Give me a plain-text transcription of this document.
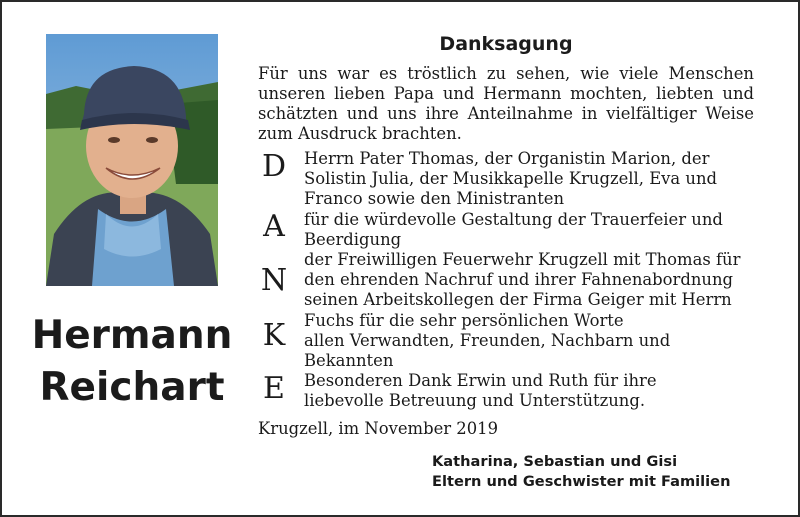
Hermann
Reichart
Danksagung
Für uns war es tröstlich zu sehen, wie viele Menschen unseren lieben Papa und Hermann mochten, liebten und schätzten und uns ihre Anteilnahme in vielfältiger Weise zum Ausdruck brachten.
D
A
N
K
E
Herrn Pater Thomas, der Organistin Marion, der
Solistin Julia, der Musikkapelle Krugzell, Eva und
Franco sowie den Ministranten
für die würdevolle Gestaltung der Trauerfeier und
Beerdigung
der Freiwilligen Feuerwehr Krugzell mit Thomas für
den ehrenden Nachruf und ihrer Fahnenabordnung
seinen Arbeitskollegen der Firma Geiger mit Herrn
Fuchs für die sehr persönlichen Worte
allen Verwandten, Freunden, Nachbarn und
Bekannten
Besonderen Dank Erwin und Ruth für ihre
liebevolle Betreuung und Unterstützung.
Krugzell, im November 2019
Katharina, Sebastian und Gisi
Eltern und Geschwister mit Familien
